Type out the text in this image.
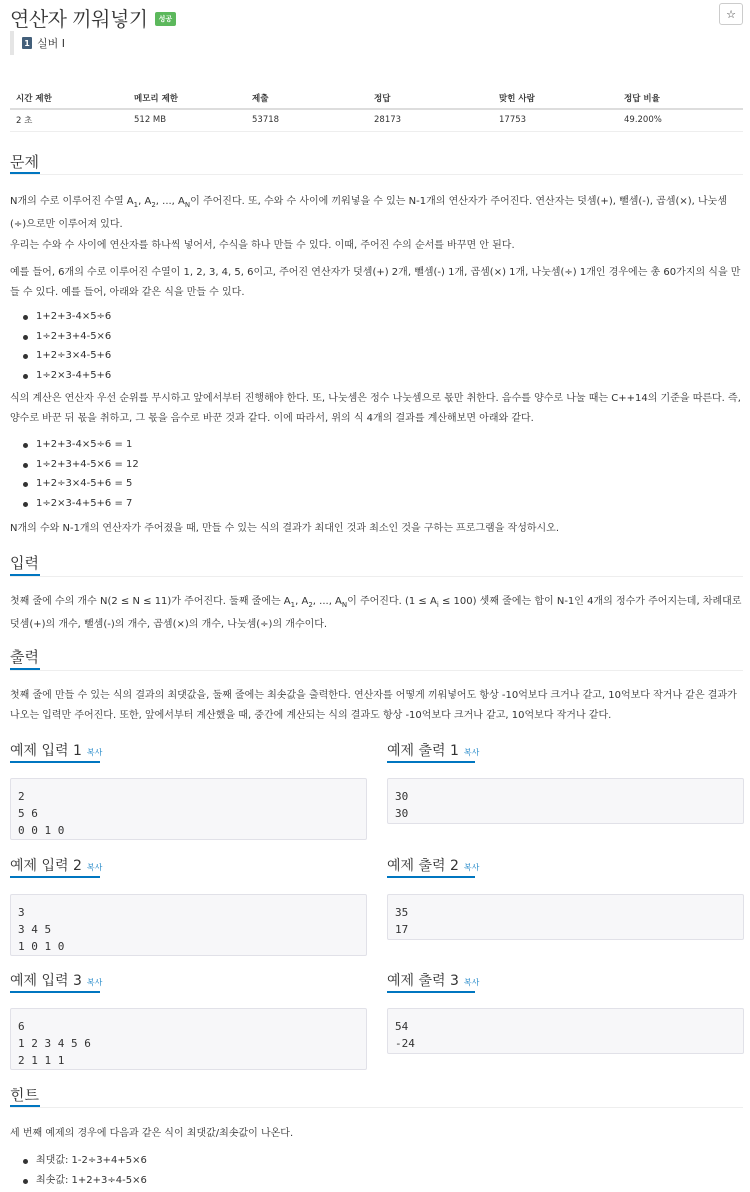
연산자 끼워넣기	성공	☆
1 실버 I
시간 제한	메모리 제한	제출	정답	맞힌 사람	정답 비율
2 초	512 MB	53718	28173	17753	49.200%
문제
N개의 수로 이루어진 수열 $A_1$, $A_2$, ..., $A_N$이 주어진다. 또, 수와 수 사이에 끼워넣을 수 있는 N-1개의 연산자가 주어진다. 연산자는 덧셈(+), 뺄셈(-), 곱셈(×), 나눗셈(÷)으로만 이루어져 있다.
우리는 수와 수 사이에 연산자를 하나씩 넣어서, 수식을 하나 만들 수 있다. 이때, 주어진 수의 순서를 바꾸면 안 된다.
예를 들어, 6개의 수로 이루어진 수열이 1, 2, 3, 4, 5, 6이고, 주어진 연산자가 덧셈(+) 2개, 뺄셈(-) 1개, 곱셈(×) 1개, 나눗셈(÷) 1개인 경우에는 총 60가지의 식을 만들 수 있다. 예를 들어, 아래와 같은 식을 만들 수 있다.
1+2+3-4×5÷6
1÷2+3+4-5×6
1+2÷3×4-5+6
1÷2×3-4+5+6
식의 계산은 연산자 우선 순위를 무시하고 앞에서부터 진행해야 한다. 또, 나눗셈은 정수 나눗셈으로 몫만 취한다. 음수를 양수로 나눌 때는 C++14의 기준을 따른다. 즉, 양수로 바꾼 뒤 몫을 취하고, 그 몫을 음수로 바꾼 것과 같다. 이에 따라서, 위의 식 4개의 결과를 계산해보면 아래와 같다.
1+2+3-4×5÷6 = 1
1÷2+3+4-5×6 = 12
1+2÷3×4-5+6 = 5
1÷2×3-4+5+6 = 7
N개의 수와 N-1개의 연산자가 주어졌을 때, 만들 수 있는 식의 결과가 최대인 것과 최소인 것을 구하는 프로그램을 작성하시오.
입력
첫째 줄에 수의 개수 N(2 ≤ N ≤ 11)가 주어진다. 둘째 줄에는 $A_1$, $A_2$, ..., $A_N$이 주어진다. $(1 \le A_i \le 100)$ 셋째 줄에는 합이 N-1인 4개의 정수가 주어지는데, 차례대로 덧셈(+)의 개수, 뺄셈(-)의 개수, 곱셈(×)의 개수, 나눗셈(÷)의 개수이다.
출력
첫째 줄에 만들 수 있는 식의 결과의 최댓값을, 둘째 줄에는 최솟값을 출력한다. 연산자를 어떻게 끼워넣어도 항상 -10억보다 크거나 같고, 10억보다 작거나 같은 결과가 나오는 입력만 주어진다. 또한, 앞에서부터 계산했을 때, 중간에 계산되는 식의 결과도 항상 -10억보다 크거나 같고, 10억보다 작거나 같다.
예제 입력 1 복사
2
5 6
0 0 1 0
예제 출력 1 복사
30
30
예제 입력 2 복사
3
3 4 5
1 0 1 0
예제 출력 2 복사
35
17
예제 입력 3 복사
6
1 2 3 4 5 6
2 1 1 1
예제 출력 3 복사
54
-24
힌트
세 번째 예제의 경우에 다음과 같은 식이 최댓값/최솟값이 나온다.
최댓값: 1-2÷3+4+5×6
최솟값: 1+2+3÷4-5×6
